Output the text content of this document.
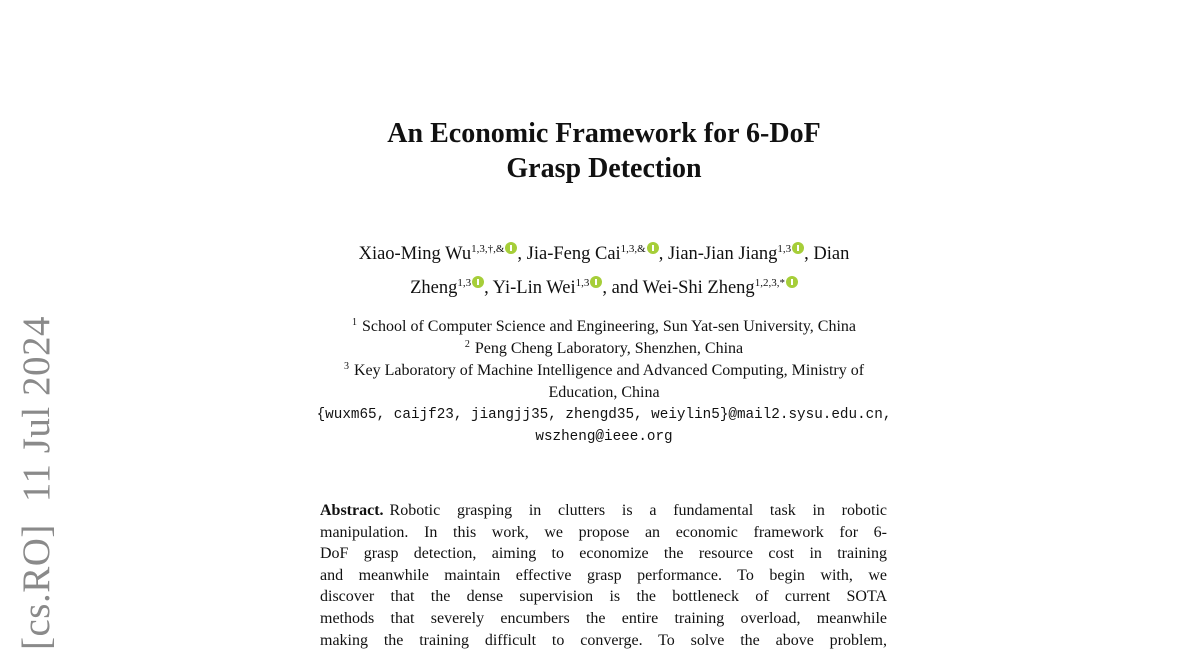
[cs.RO]11 Jul 2024
An Economic Framework for 6-DoF
Grasp Detection
Xiao-Ming $Wu^{1,3,\dagger,\&}$ , Jia-Feng Cai$^{1,3,\&}$ , Jian-Jian Jiang$^{1,3}$ , Dian
Zheng$^{1,3}$ , Yi-Lin Wei$^{1,3}$ , and Wei-Shi Zheng$^{1,2,3,*}$
$^1$ School of Computer Science and Engineering, Sun Yat-sen University, China
$^2$ Peng Cheng Laboratory, Shenzhen, China
$^3$ Key Laboratory of Machine Intelligence and Advanced Computing, Ministry of
Education, China
{wuxm65, caijf23, jiangjj35, zhengd35, weiylin5}@mail2.sysu.edu.cn,
wszheng@ieee.org
Abstract. Robotic grasping in clutters is a fundamental task in robotic
manipulation. In this work, we propose an economic framework for 6-
DoF grasp detection, aiming to economize the resource cost in training
and meanwhile maintain effective grasp performance. To begin with, we
discover that the dense supervision is the bottleneck of current SOTA
methods that severely encumbers the entire training overload, meanwhile
making the training difficult to converge. To solve the above problem,
